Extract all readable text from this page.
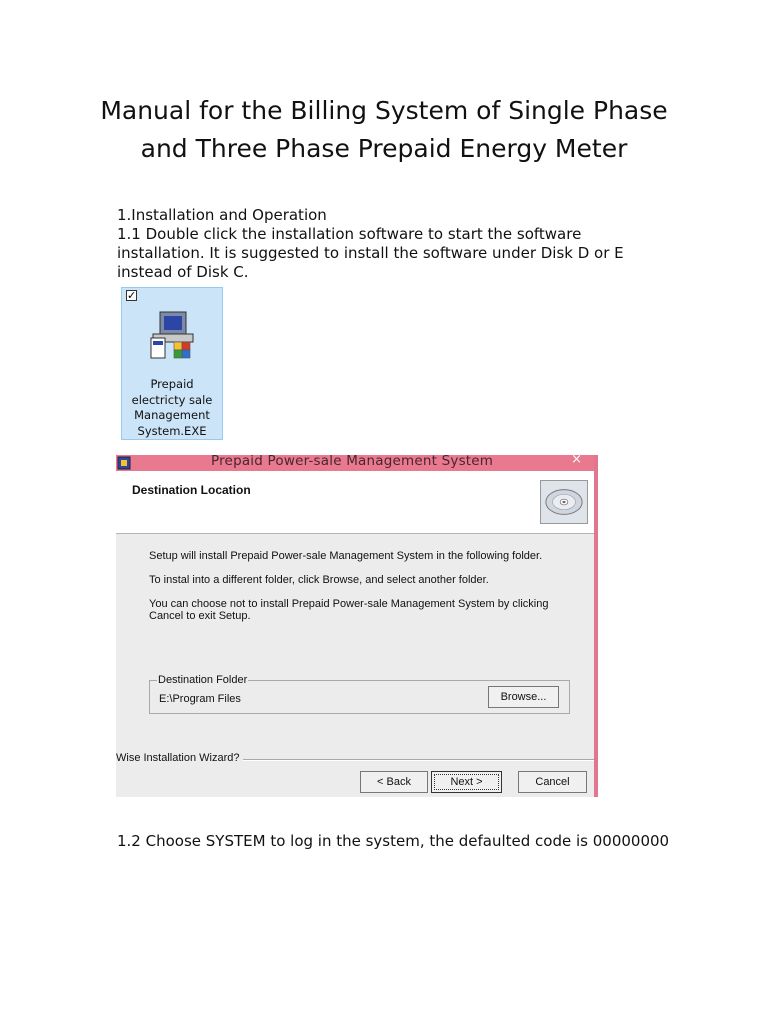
Manual for the Billing System of Single Phase
and Three Phase Prepaid Energy Meter
1.Installation and Operation
1.1 Double click the installation software to start the software
installation. It is suggested to install the software under Disk D or E
instead of Disk C.
✓
Prepaid
electricty sale
Management
System.EXE
Prepaid Power-sale Management System	×
Destination Location
Setup will install Prepaid Power-sale Management System in the following folder.
To instal into a different folder, click Browse, and select another folder.
You can choose not to install Prepaid Power-sale Management System by clicking Cancel to exit Setup.
Destination Folder
E:\Program Files	Browse...
Wise Installation Wizard?
< Back	Next >	Cancel
1.2 Choose SYSTEM to log in the system, the defaulted code is 00000000
